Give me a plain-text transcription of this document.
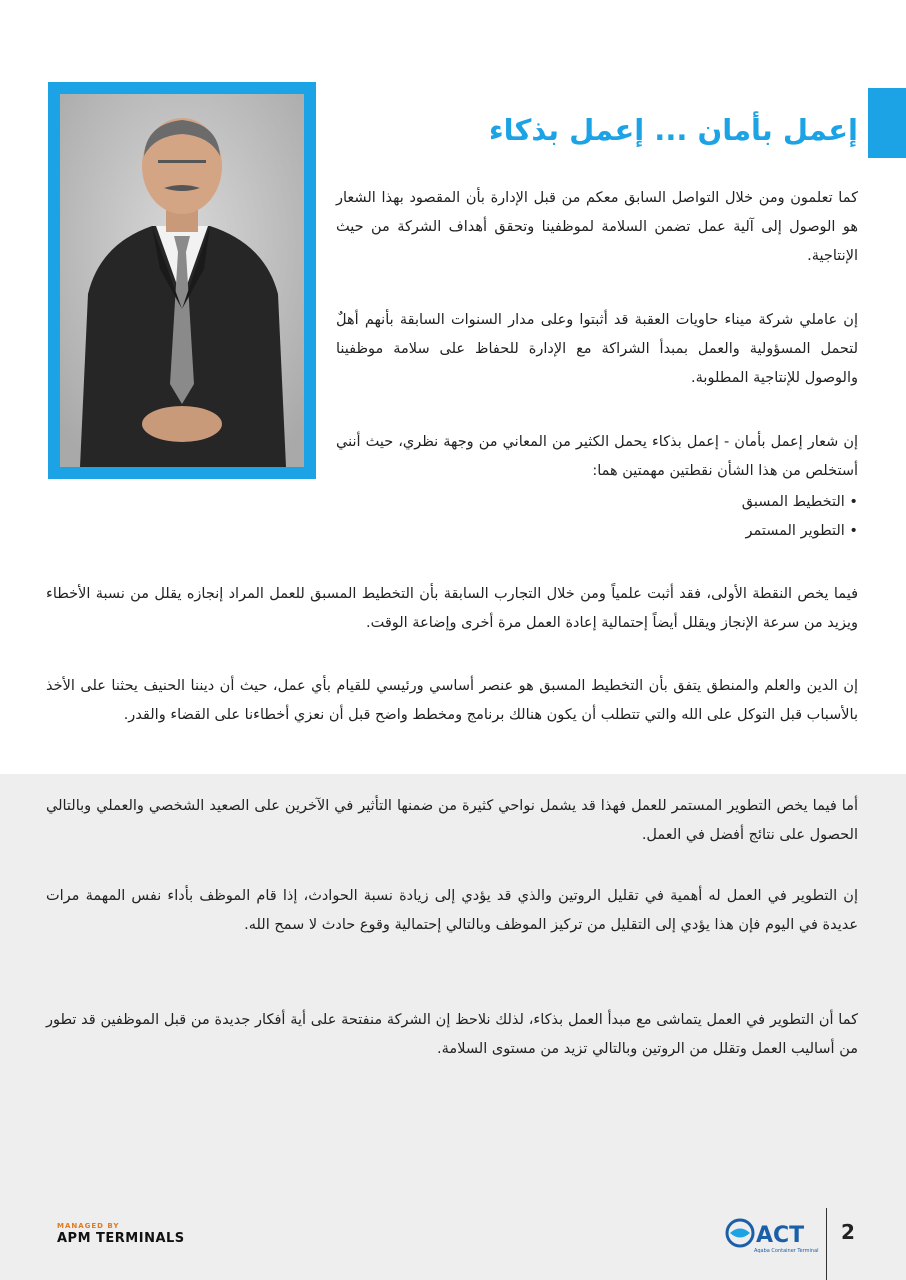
إعمل بأمان ... إعمل بذكاء

كما تعلمون ومن خلال التواصل السابق معكم من قبل الإدارة بأن المقصود بهذا الشعار هو الوصول إلى آلية عمل تضمن السلامة لموظفينا وتحقق أهداف الشركة من حيث الإنتاجية.

إن عاملي شركة ميناء حاويات العقبة قد أثبتوا وعلى مدار السنوات السابقة بأنهم أهلٌ لتحمل المسؤولية والعمل بمبدأ الشراكة مع الإدارة للحفاظ على سلامة موظفينا والوصول للإنتاجية المطلوبة.

إن شعار إعمل بأمان - إعمل بذكاء يحمل الكثير من المعاني من وجهة نظري، حيث أنني أستخلص من هذا الشأن نقطتين مهمتين هما:

• التخطيط المسبق
• التطوير المستمر

فيما يخص النقطة الأولى، فقد أثبت علمياً ومن خلال التجارب السابقة بأن التخطيط المسبق للعمل المراد إنجازه يقلل من نسبة الأخطاء ويزيد من سرعة الإنجاز ويقلل أيضاً إحتمالية إعادة العمل مرة أخرى وإضاعة الوقت.

إن الدين والعلم والمنطق يتفق بأن التخطيط المسبق هو عنصر أساسي ورئيسي للقيام بأي عمل، حيث أن ديننا الحنيف يحثنا على الأخذ بالأسباب قبل التوكل على الله والتي تتطلب أن يكون هنالك برنامج ومخطط واضح قبل أن نعزي أخطاءنا على القضاء والقدر.

أما فيما يخص التطوير المستمر للعمل فهذا قد يشمل نواحي كثيرة من ضمنها التأثير في الآخرين على الصعيد الشخصي والعملي وبالتالي الحصول على نتائج أفضل في العمل.

إن التطوير في العمل له أهمية في تقليل الروتين والذي قد يؤدي إلى زيادة نسبة الحوادث، إذا قام الموظف بأداء نفس المهمة مرات عديدة في اليوم فإن هذا يؤدي إلى التقليل من تركيز الموظف وبالتالي إحتمالية وقوع حادث لا سمح الله.

كما أن التطوير في العمل يتماشى مع مبدأ العمل بذكاء، لذلك نلاحظ إن الشركة منفتحة على أية أفكار جديدة من قبل الموظفين قد تطور من أساليب العمل وتقلل من الروتين وبالتالي تزيد من مستوى السلامة.

MANAGED BY
APM TERMINALS	ACT
Aqaba Container Terminal
2
